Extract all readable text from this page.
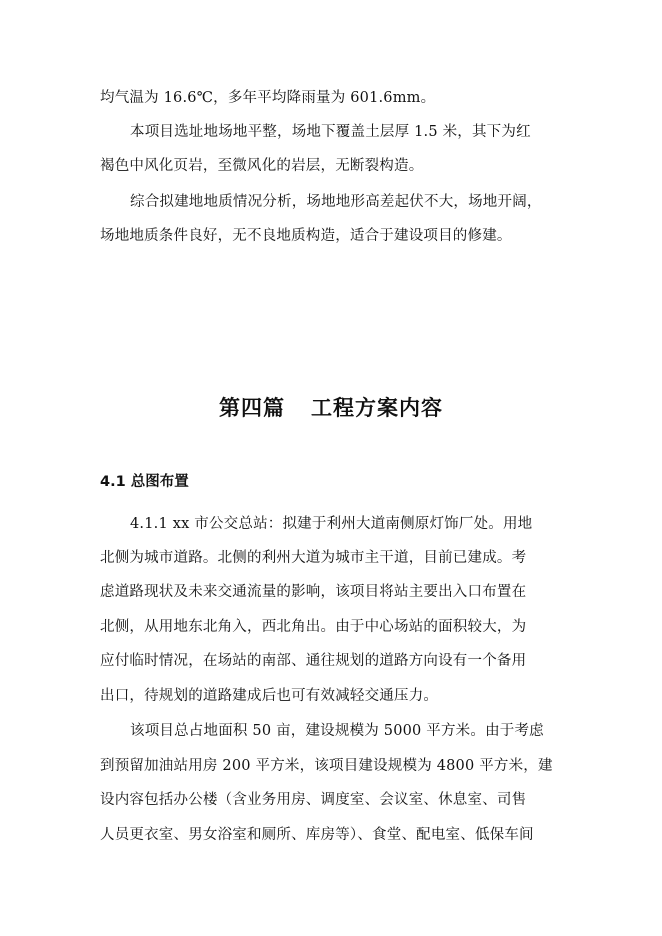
均气温为 16.6℃，多年平均降雨量为 601.6mm。
本项目选址地场地平整，场地下覆盖土层厚 1.5 米，其下为红
褐色中风化页岩，至微风化的岩层，无断裂构造。
综合拟建地地质情况分析，场地地形高差起伏不大，场地开阔，
场地地质条件良好，无不良地质构造，适合于建设项目的修建。
第四篇 工程方案内容
4.1 总图布置
4.1.1 xx 市公交总站：拟建于利州大道南侧原灯饰厂处。用地
北侧为城市道路。北侧的利州大道为城市主干道，目前已建成。考
虑道路现状及未来交通流量的影响，该项目将站主要出入口布置在
北侧，从用地东北角入，西北角出。由于中心场站的面积较大，为
应付临时情况，在场站的南部、通往规划的道路方向设有一个备用
出口，待规划的道路建成后也可有效减轻交通压力。
该项目总占地面积 50 亩，建设规模为 5000 平方米。由于考虑
到预留加油站用房 200 平方米，该项目建设规模为 4800 平方米，建
设内容包括办公楼（含业务用房、调度室、会议室、休息室、司售
人员更衣室、男女浴室和厕所、库房等）、食堂、配电室、低保车间
